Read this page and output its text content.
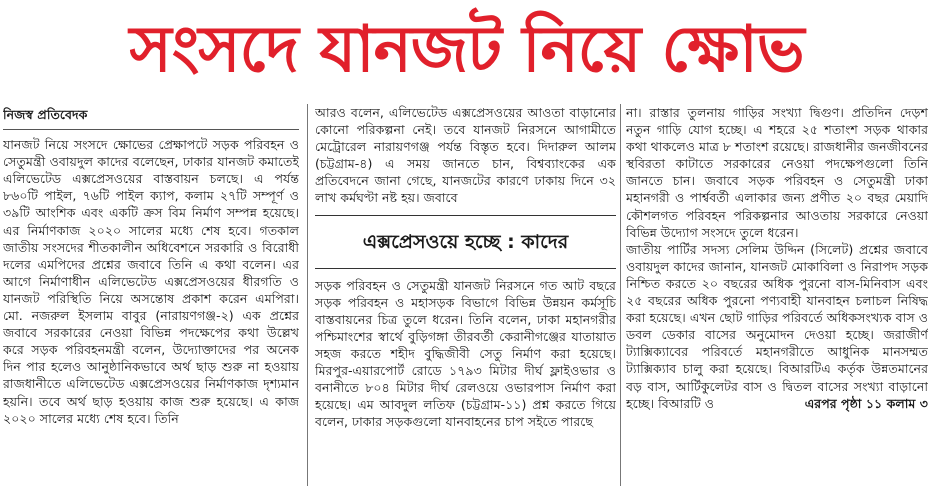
সংসদে যানজট নিয়ে ক্ষোভ
নিজস্ব প্রতিবেদক

যানজট নিয়ে সংসদে ক্ষোভের প্রেক্ষাপটে সড়ক পরিবহন ও সেতুমন্ত্রী ওবায়দুল কাদের বলেছেন, ঢাকার যানজট কমাতেই এলিভেটেড এক্সপ্রেসওয়ের বাস্তবায়ন চলছে। এ পর্যন্ত ৮৬০টি পাইল, ৭৬টি পাইল ক্যাপ, কলাম ২৭টি সম্পূর্ণ ও ৩৯টি আংশিক এবং একটি ক্রস বিম নির্মাণ সম্পন্ন হয়েছে। এর নির্মাণকাজ ২০২০ সালের মধ্যে শেষ হবে। গতকাল জাতীয় সংসদের শীতকালীন অধিবেশনে সরকারি ও বিরোধী দলের এমপিদের প্রশ্নের জবাবে তিনি এ কথা বলেন। এর আগে নির্মাণাধীন এলিভেটেড এক্সপ্রেসওয়ের ধীরগতি ও যানজট পরিস্থিতি নিয়ে অসন্তোষ প্রকাশ করেন এমপিরা। মো. নজরুল ইসলাম বাবুর (নারায়ণগঞ্জ-২) এক প্রশ্নের জবাবে সরকারের নেওয়া বিভিন্ন পদক্ষেপের কথা উল্লেখ করে সড়ক পরিবহনমন্ত্রী বলেন, উদ্যোক্তাদের পর অনেক দিন পার হলেও আনুষ্ঠানিকভাবে অর্থ ছাড় শুরু না হওয়ায় রাজধানীতে এলিভেটেড এক্সপ্রেসওয়ের নির্মাণকাজ দৃশ্যমান হয়নি। তবে অর্থ ছাড় হওয়ায় কাজ শুরু হয়েছে। এ কাজ ২০২০ সালের মধ্যে শেষ হবে। তিনি

আরও বলেন, এলিভেটেড এক্সপ্রেসওয়ের আওতা বাড়ানোর কোনো পরিকল্পনা নেই। তবে যানজট নিরসনে আগামীতে মেট্রোরেল নারায়ণগঞ্জ পর্যন্ত বিস্তৃত হবে। দিদারুল আলম (চট্টগ্রাম-৪) এ সময় জানতে চান, বিশ্বব্যাংকের এক প্রতিবেদনে জানা গেছে, যানজটের কারণে ঢাকায় দিনে ৩২ লাখ কর্মঘণ্টা নষ্ট হয়। জবাবে

এক্সপ্রেসওয়ে হচ্ছে : কাদের

সড়ক পরিবহন ও সেতুমন্ত্রী যানজট নিরসনে গত আট বছরে সড়ক পরিবহন ও মহাসড়ক বিভাগে বিভিন্ন উন্নয়ন কর্মসূচি বাস্তবায়নের চিত্র তুলে ধরেন। তিনি বলেন, ঢাকা মহানগরীর পশ্চিমাংশের স্বার্থে বুড়িগঙ্গা তীরবর্তী কেরানীগঞ্জের যাতায়াত সহজ করতে শহীদ বুদ্ধিজীবী সেতু নির্মাণ করা হয়েছে। মিরপুর-এয়ারপোর্ট রোডে ১৭৯৩ মিটার দীর্ঘ ফ্লাইওভার ও বনানীতে ৮০৪ মিটার দীর্ঘ রেলওয়ে ওভারপাস নির্মাণ করা হয়েছে। এম আবদুল লতিফ (চট্টগ্রাম-১১) প্রশ্ন করতে গিয়ে বলেন, ঢাকার সড়কগুলো যানবাহনের চাপ সইতে পারছে

না। রাস্তার তুলনায় গাড়ির সংখ্যা দ্বিগুণ। প্রতিদিন দেড়শ নতুন গাড়ি যোগ হচ্ছে। এ শহরে ২৫ শতাংশ সড়ক থাকার কথা থাকলেও মাত্র ৮ শতাংশ রয়েছে। রাজধানীর জনজীবনের স্থবিরতা কাটাতে সরকারের নেওয়া পদক্ষেপগুলো তিনি জানতে চান। জবাবে সড়ক পরিবহন ও সেতুমন্ত্রী ঢাকা মহানগরী ও পার্শ্ববর্তী এলাকার জন্য প্রণীত ২০ বছর মেয়াদি কৌশলগত পরিবহন পরিকল্পনার আওতায় সরকারে নেওয়া বিভিন্ন উদ্যোগ সংসদে তুলে ধরেন।

জাতীয় পার্টির সদস্য সেলিম উদ্দিন (সিলেট) প্রশ্নের জবাবে ওবায়দুল কাদের জানান, যানজট মোকাবিলা ও নিরাপদ সড়ক নিশ্চিত করতে ২০ বছরের অধিক পুরনো বাস-মিনিবাস এবং ২৫ বছরের অধিক পুরনো পণ্যবাহী যানবাহন চলাচল নিষিদ্ধ করা হয়েছে। এখন ছোট গাড়ির পরিবর্তে অধিকসংখ্যক বাস ও ডবল ডেকার বাসের অনুমোদন দেওয়া হচ্ছে। জরাজীর্ণ ট্যাক্সিক্যাবের পরিবর্তে মহানগরীতে আধুনিক মানসম্মত ট্যাক্সিক্যাব চালু করা হয়েছে। বিআরটিএ কর্তৃক উন্নতমানের বড় বাস, আর্টিকুলেটর বাস ও দ্বিতল বাসের সংখ্যা বাড়ানো হচ্ছে। বিআরটি ও	এরপর পৃষ্ঠা ১১ কলাম ৩
